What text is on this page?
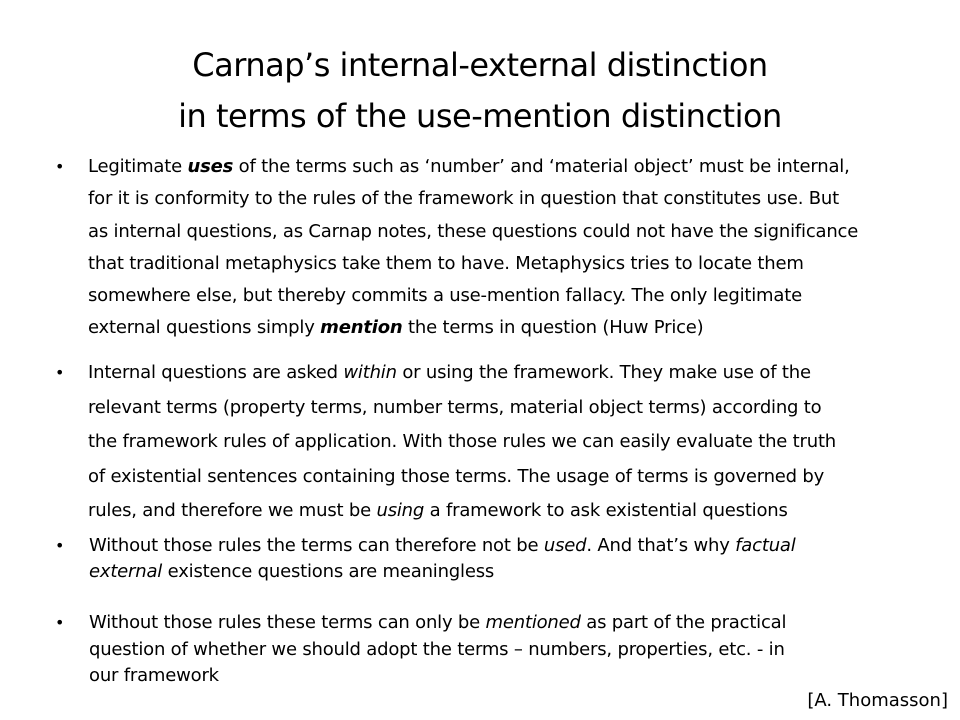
Carnap’s internal-external distinction
in terms of the use-mention distinction
• Legitimate uses of the terms such as ‘number’ and ‘material object’ must be internal,
for it is conformity to the rules of the framework in question that constitutes use. But
as internal questions, as Carnap notes, these questions could not have the significance
that traditional metaphysics take them to have. Metaphysics tries to locate them
somewhere else, but thereby commits a use-mention fallacy. The only legitimate
external questions simply mention the terms in question (Huw Price)
• Internal questions are asked within or using the framework. They make use of the
relevant terms (property terms, number terms, material object terms) according to
the framework rules of application. With those rules we can easily evaluate the truth
of existential sentences containing those terms. The usage of terms is governed by
rules, and therefore we must be using a framework to ask existential questions
• Without those rules the terms can therefore not be used. And that’s why factual
external existence questions are meaningless
• Without those rules these terms can only be mentioned as part of the practical
question of whether we should adopt the terms – numbers, properties, etc. - in
our framework
[A. Thomasson]
